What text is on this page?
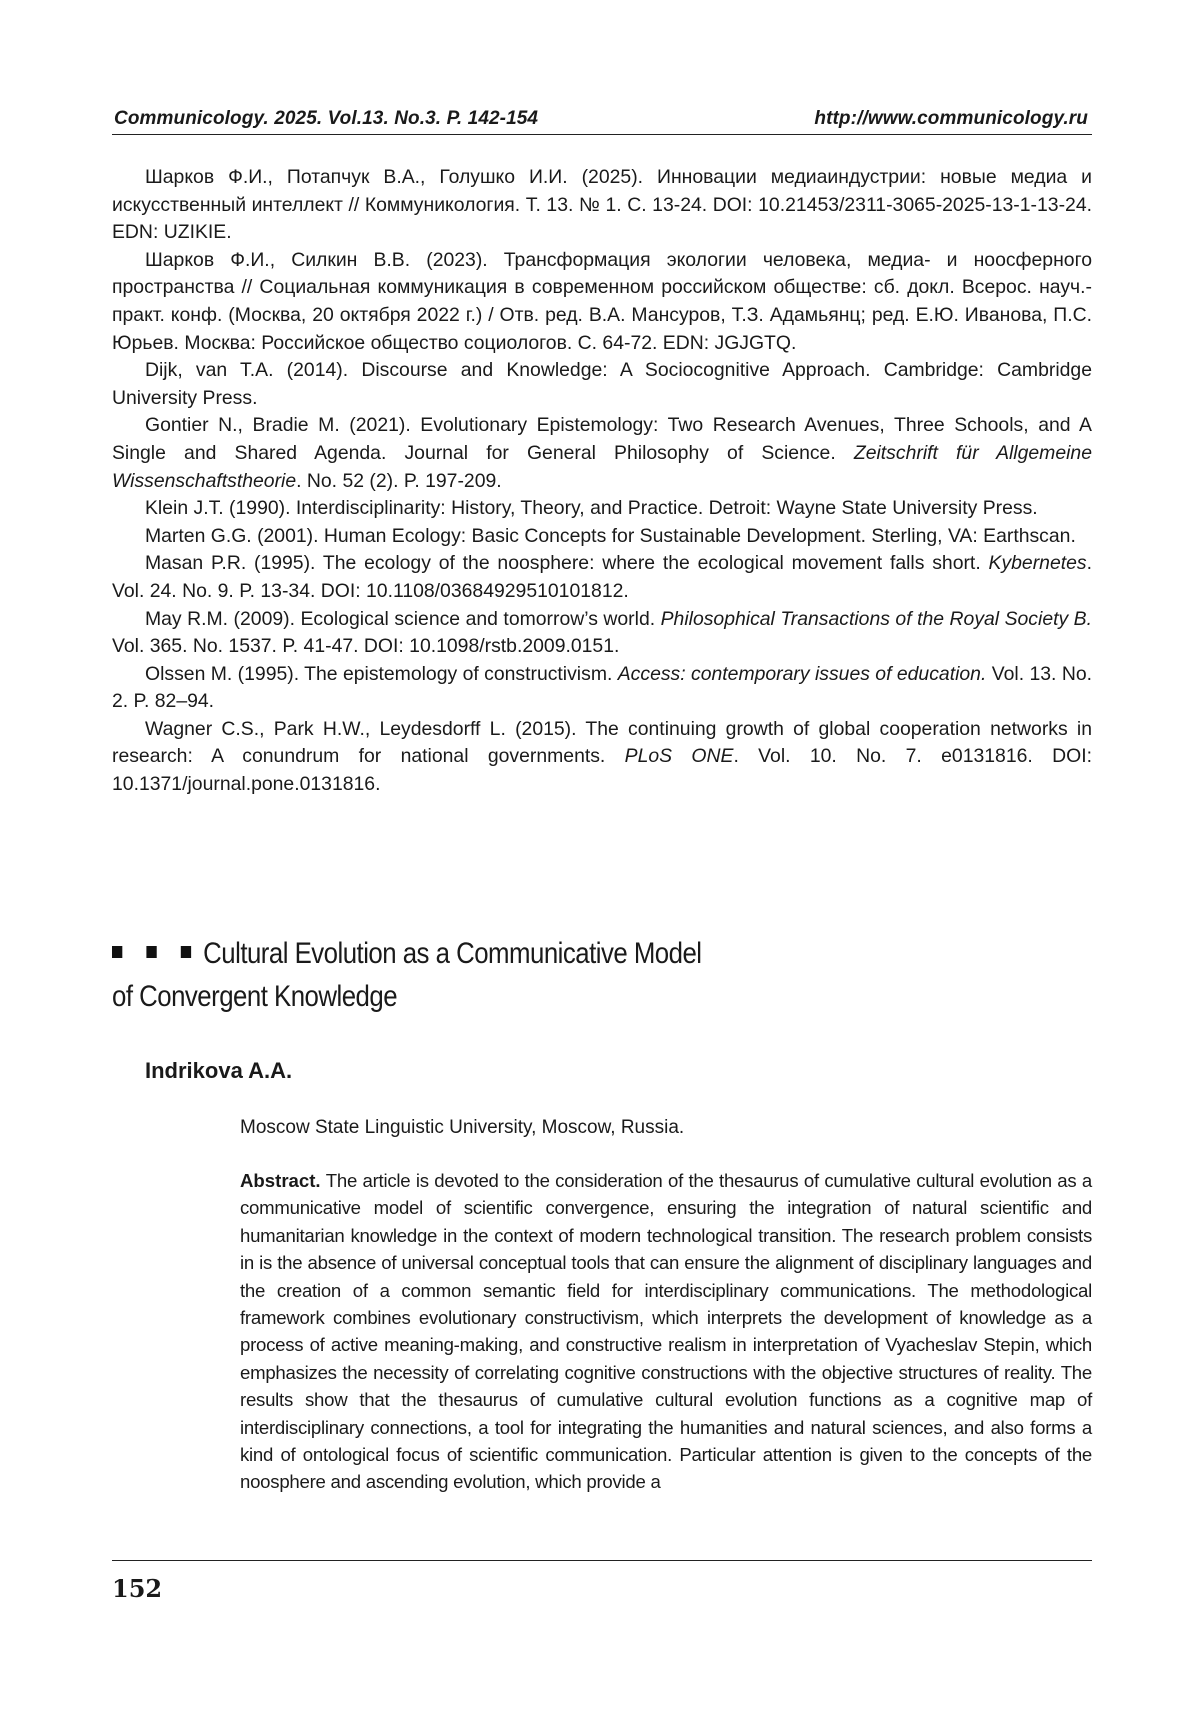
Communicology. 2025. Vol.13. No.3. P. 142-154	http://www.communicology.ru

Шарков Ф.И., Потапчук В.А., Голушко И.И. (2025). Инновации медиаиндустрии: новые медиа и искусственный интеллект // Коммуникология. Т. 13. № 1. С. 13-24. DOI: 10.21453/2311-3065-2025-13-1-13-24. EDN: UZIKIE.

Шарков Ф.И., Силкин В.В. (2023). Трансформация экологии человека, медиа- и ноосферного пространства // Социальная коммуникация в современном российском обществе: сб. докл. Всерос. науч.-практ. конф. (Москва, 20 октября 2022 г.) / Отв. ред. В.А. Мансуров, Т.З. Адамьянц; ред. Е.Ю. Иванова, П.С. Юрьев. Москва: Российское общество социологов. С. 64-72. EDN: JGJGTQ.

Dijk, van T.A. (2014). Discourse and Knowledge: A Sociocognitive Approach. Cambridge: Cambridge University Press.

Gontier N., Bradie M. (2021). Evolutionary Epistemology: Two Research Avenues, Three Schools, and A Single and Shared Agenda. Journal for General Philosophy of Science. Zeitschrift für Allgemeine Wissenschaftstheorie. No. 52 (2). P. 197-209.

Klein J.T. (1990). Interdisciplinarity: History, Theory, and Practice. Detroit: Wayne State University Press.

Marten G.G. (2001). Human Ecology: Basic Concepts for Sustainable Development. Sterling, VA: Earthscan.

Masan P.R. (1995). The ecology of the noosphere: where the ecological movement falls short. Kybernetes. Vol. 24. No. 9. P. 13-34. DOI: 10.1108/03684929510101812.

May R.M. (2009). Ecological science and tomorrow’s world. Philosophical Transactions of the Royal Society B. Vol. 365. No. 1537. P. 41-47. DOI: 10.1098/rstb.2009.0151.

Olssen M. (1995). The epistemology of constructivism. Access: contemporary issues of education. Vol. 13. No. 2. P. 82–94.

Wagner C.S., Park H.W., Leydesdorff L. (2015). The continuing growth of global cooperation networks in research: A conundrum for national governments. PLoS ONE. Vol. 10. No. 7. e0131816. DOI: 10.1371/journal.pone.0131816.

Cultural Evolution as a Communicative Model
of Convergent Knowledge
Indrikova A.A.
Moscow State Linguistic University, Moscow, Russia.

Abstract. The article is devoted to the consideration of the thesaurus of cumulative cultural evolution as a communicative model of scientific convergence, ensuring the integration of natural scientific and humanitarian knowledge in the context of modern technological transition. The research problem consists in is the absence of universal conceptual tools that can ensure the alignment of disciplinary languages and the creation of a common semantic field for interdisciplinary communications. The methodological framework combines evolutionary constructivism, which interprets the development of knowledge as a process of active meaning-making, and constructive realism in interpretation of Vyacheslav Stepin, which emphasizes the necessity of correlating cognitive constructions with the objective structures of reality. The results show that the thesaurus of cumulative cultural evolution functions as a cognitive map of interdisciplinary connections, a tool for integrating the humanities and natural sciences, and also forms a kind of ontological focus of scientific communication. Particular attention is given to the concepts of the noosphere and ascending evolution, which provide a

152
